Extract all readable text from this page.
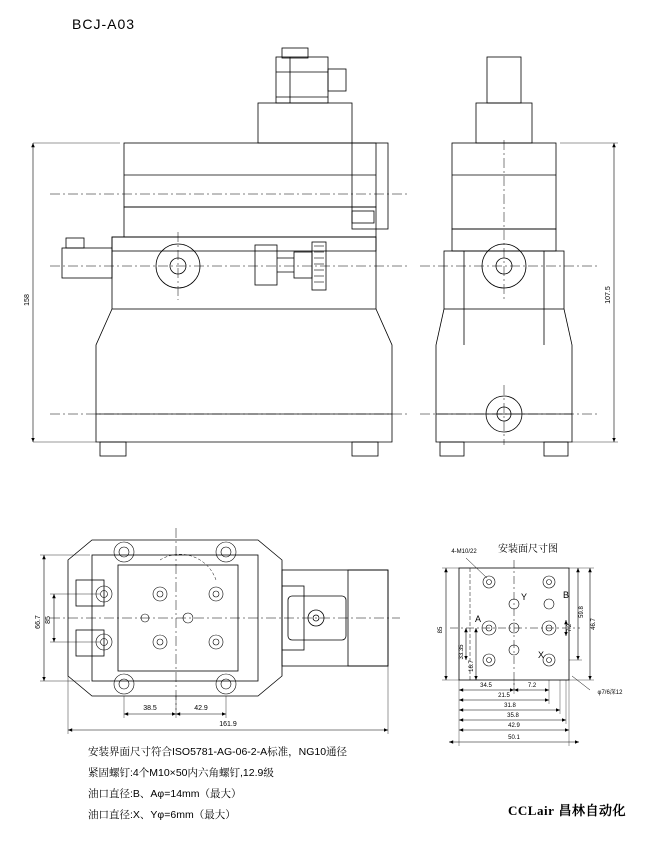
BCJ-A03
158	107.5
85
66.7
38.5	42.9
161.9
85
33.35
16.7
59.8
46.7
7.2
34.5	7.2
21.5
31.8
35.8
42.9
50.1
4-M10/22
φ7/6深12
A
B
X
Y
安装面尺寸图
安装界面尺寸符合ISO5781-AG-06-2-A标准，NG10通径
紧固螺钉:4个M10×50内六角螺钉,12.9级
油口直径:B、Aφ=14mm（最大）
油口直径:X、Yφ=6mm（最大）	CCLair 昌林自动化
